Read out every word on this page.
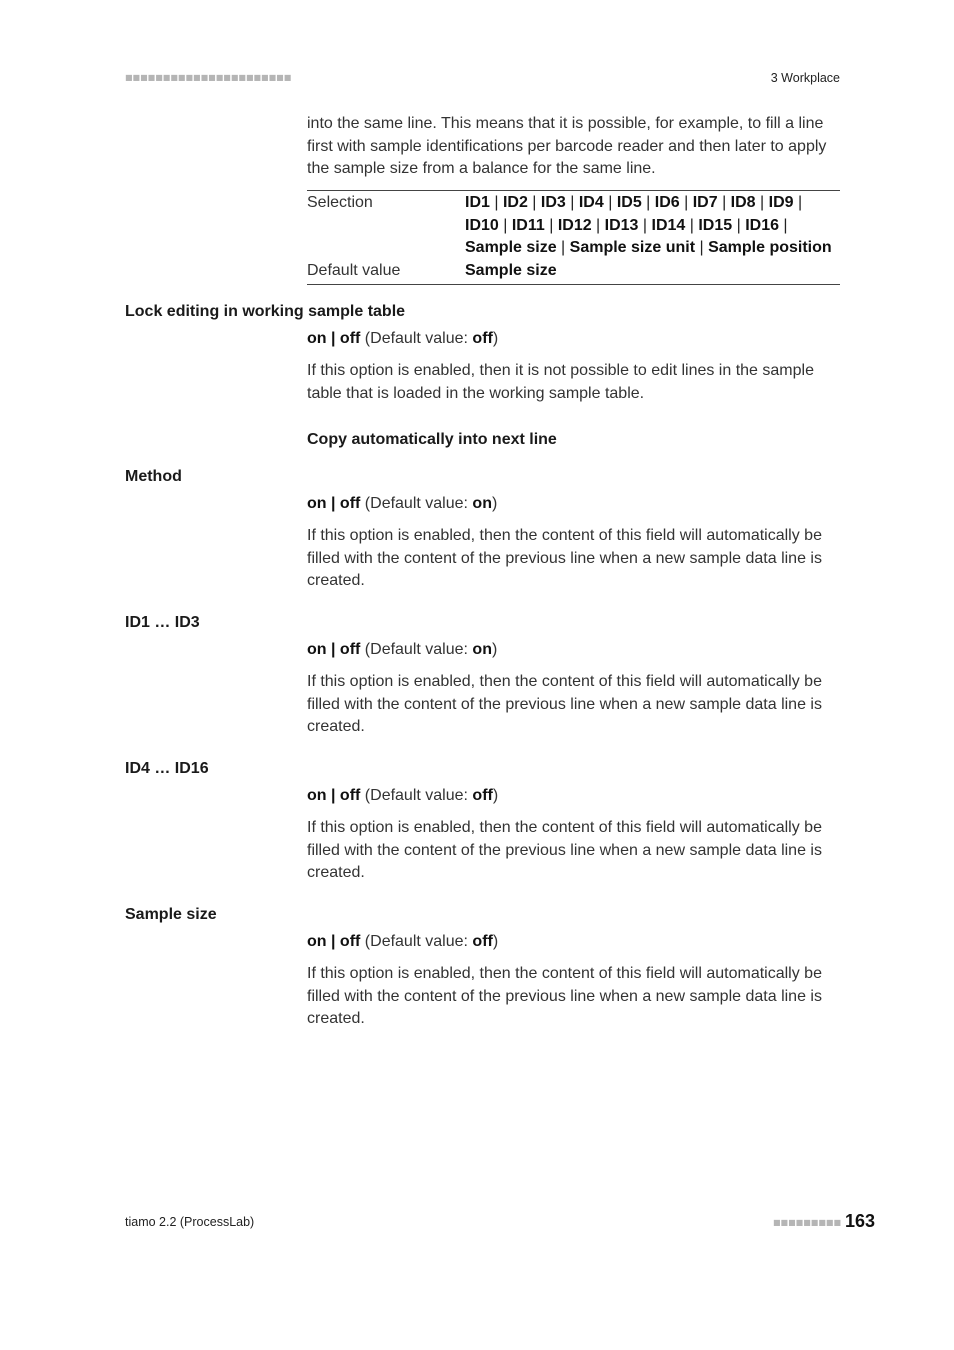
■■■■■■■■■■■■■■■■■■■■■■	3 Workplace

into the same line. This means that it is possible, for example, to fill a line first with sample identifications per barcode reader and then later to apply the sample size from a balance for the same line.

Selection	ID1 | ID2 | ID3 | ID4 | ID5 | ID6 | ID7 | ID8 | ID9 | ID10 | ID11 | ID12 | ID13 | ID14 | ID15 | ID16 | Sample size | Sample size unit | Sample position
Default value	Sample size
Lock editing in working sample table
on | off (Default value: off)

If this option is enabled, then it is not possible to edit lines in the sample table that is loaded in the working sample table.

Copy automatically into next line
Method
on | off (Default value: on)

If this option is enabled, then the content of this field will automatically be filled with the content of the previous line when a new sample data line is created.

ID1 … ID3
on | off (Default value: on)

If this option is enabled, then the content of this field will automatically be filled with the content of the previous line when a new sample data line is created.

ID4 … ID16
on | off (Default value: off)

If this option is enabled, then the content of this field will automatically be filled with the content of the previous line when a new sample data line is created.

Sample size
on | off (Default value: off)

If this option is enabled, then the content of this field will automatically be filled with the content of the previous line when a new sample data line is created.

tiamo 2.2 (ProcessLab)	■■■■■■■■■ 163
